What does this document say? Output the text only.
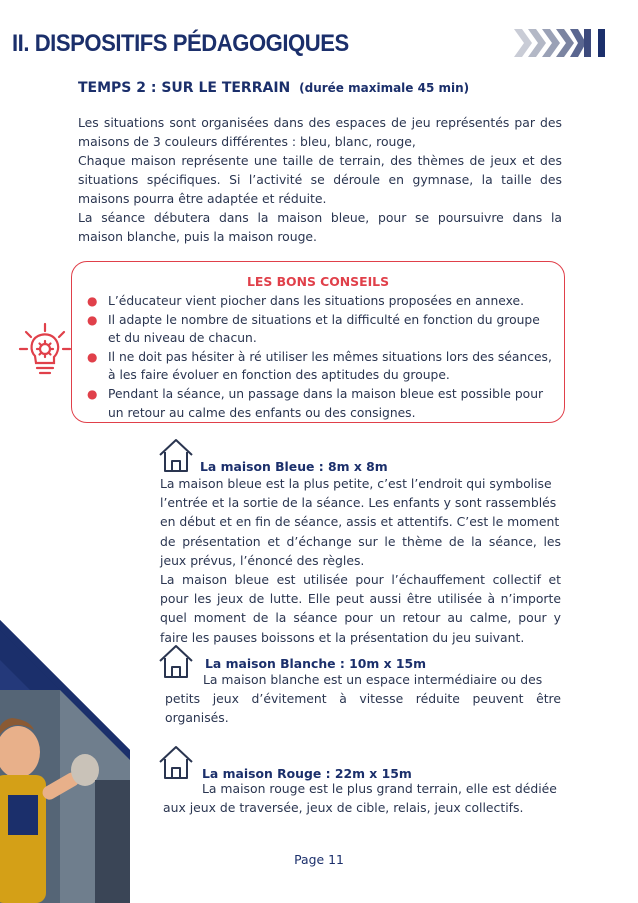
II. DISPOSITIFS PÉDAGOGIQUES
TEMPS 2 : SUR LE TERRAIN (durée maximale 45 min)
Les situations sont organisées dans des espaces de jeu représentés par des
maisons de 3 couleurs différentes : bleu, blanc, rouge,
Chaque maison représente une taille de terrain, des thèmes de jeux et des
situations spécifiques. Si l’activité se déroule en gymnase, la taille des
maisons pourra être adaptée et réduite.
La séance débutera dans la maison bleue, pour se poursuivre dans la
maison blanche, puis la maison rouge.
LES BONS CONSEILS
● L’éducateur vient piocher dans les situations proposées en annexe.
● Il adapte le nombre de situations et la difficulté en fonction du groupe et du niveau de chacun.
● Il ne doit pas hésiter à ré utiliser les mêmes situations lors des séances, à les faire évoluer en fonction des aptitudes du groupe.
● Pendant la séance, un passage dans la maison bleue est possible pour un retour au calme des enfants ou des consignes.
La maison Bleue : 8m x 8m
La maison bleue est la plus petite, c’est l’endroit qui symbolise
l’entrée et la sortie de la séance. Les enfants y sont rassemblés
en début et en fin de séance, assis et attentifs. C’est le moment
de présentation et d’échange sur le thème de la séance, les
jeux prévus, l’énoncé des règles.
La maison bleue est utilisée pour l’échauffement collectif et
pour les jeux de lutte. Elle peut aussi être utilisée à n’importe
quel moment de la séance pour un retour au calme, pour y
faire les pauses boissons et la présentation du jeu suivant.
La maison Blanche : 10m x 15m
La maison blanche est un espace intermédiaire ou des
petits jeux d’évitement à vitesse réduite peuvent être
organisés.
La maison Rouge : 22m x 15m
La maison rouge est le plus grand terrain, elle est dédiée
aux jeux de traversée, jeux de cible, relais, jeux collectifs.
Page 11
